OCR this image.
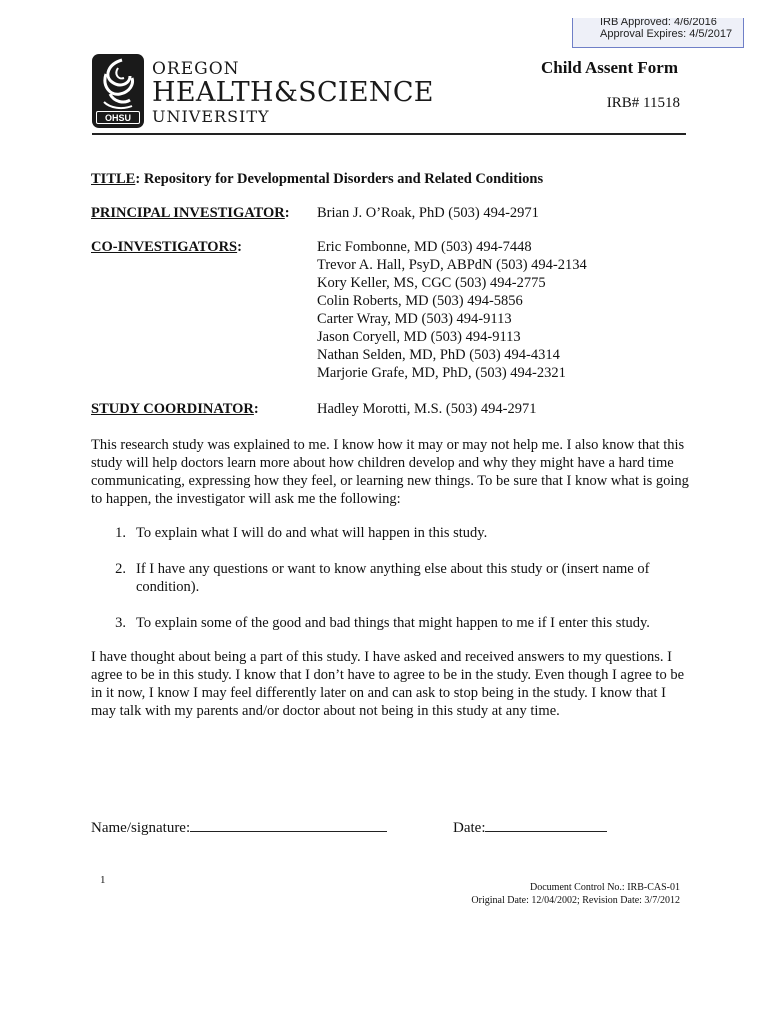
IRB Approved: 4/6/2016
Approval Expires: 4/5/2017
OHSU
OREGON
HEALTH&SCIENCE
UNIVERSITY
Child Assent Form
IRB# 11518
TITLE: Repository for Developmental Disorders and Related Conditions
PRINCIPAL INVESTIGATOR:	Brian J. O’Roak, PhD (503) 494-2971
CO-INVESTIGATORS:	Eric Fombonne, MD (503) 494-7448
Trevor A. Hall, PsyD, ABPdN (503) 494-2134
Kory Keller, MS, CGC (503) 494-2775
Colin Roberts, MD (503) 494-5856
Carter Wray, MD (503) 494-9113
Jason Coryell, MD (503) 494-9113
Nathan Selden, MD, PhD (503) 494-4314
Marjorie Grafe, MD, PhD, (503) 494-2321
STUDY COORDINATOR:	Hadley Morotti, M.S. (503) 494-2971
This research study was explained to me. I know how it may or may not help me. I also know that this study will help doctors learn more about how children develop and why they might have a hard time communicating, expressing how they feel, or learning new things. To be sure that I know what is going to happen, the investigator will ask me the following:
1. To explain what I will do and what will happen in this study.
2. If I have any questions or want to know anything else about this study or (insert name of condition).
3. To explain some of the good and bad things that might happen to me if I enter this study.
I have thought about being a part of this study. I have asked and received answers to my questions. I agree to be in this study. I know that I don’t have to agree to be in the study. Even though I agree to be in it now, I know I may feel differently later on and can ask to stop being in the study. I know that I may talk with my parents and/or doctor about not being in this study at any time.
Name/signature:	Date:
1
Document Control No.: IRB-CAS-01
Original Date: 12/04/2002; Revision Date: 3/7/2012
